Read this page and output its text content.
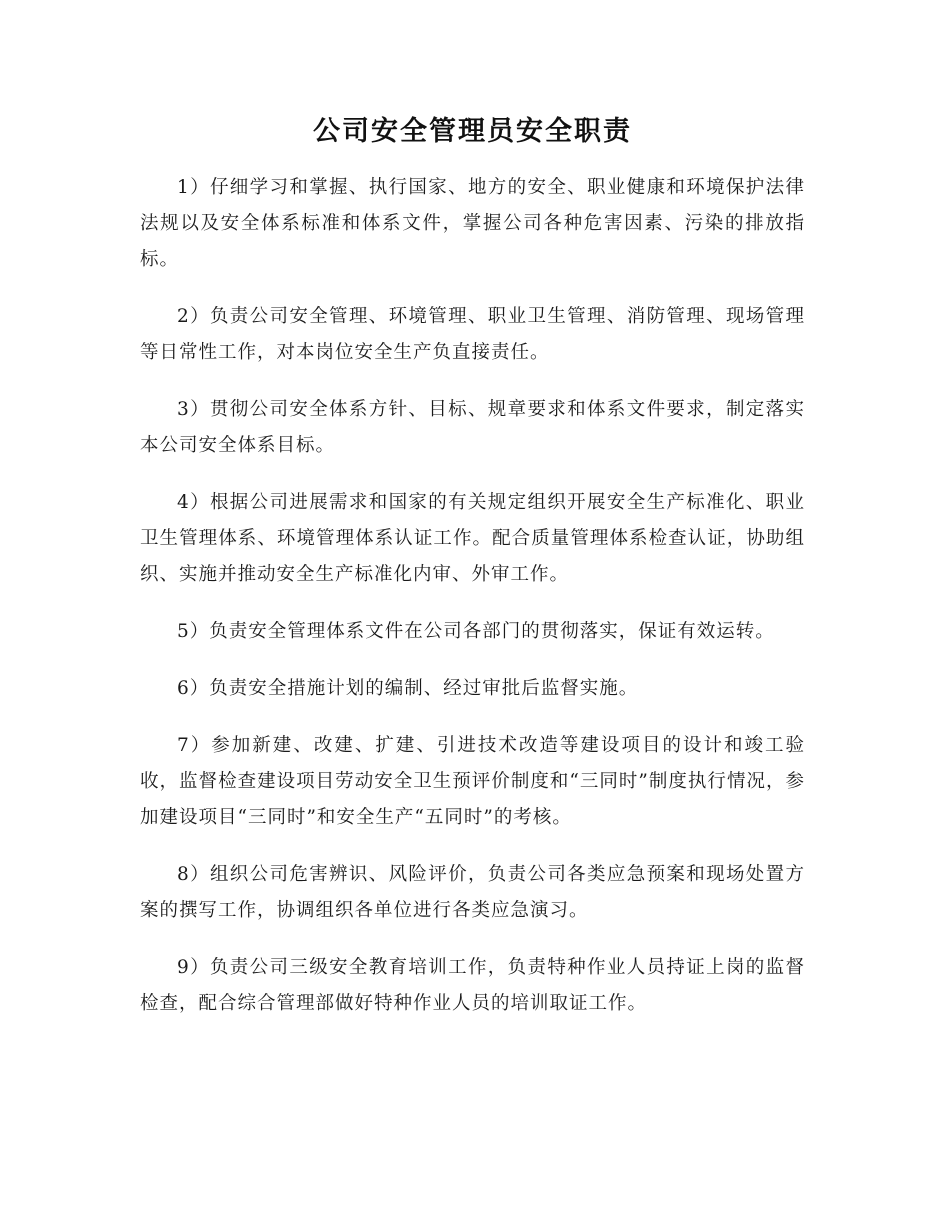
公司安全管理员安全职责

1）仔细学习和掌握、执行国家、地方的安全、职业健康和环境保护法律法规以及安全体系标准和体系文件，掌握公司各种危害因素、污染的排放指标。

2）负责公司安全管理、环境管理、职业卫生管理、消防管理、现场管理等日常性工作，对本岗位安全生产负直接责任。

3）贯彻公司安全体系方针、目标、规章要求和体系文件要求，制定落实本公司安全体系目标。

4）根据公司进展需求和国家的有关规定组织开展安全生产标准化、职业卫生管理体系、环境管理体系认证工作。配合质量管理体系检查认证，协助组织、实施并推动安全生产标准化内审、外审工作。

5）负责安全管理体系文件在公司各部门的贯彻落实，保证有效运转。

6）负责安全措施计划的编制、经过审批后监督实施。

7）参加新建、改建、扩建、引进技术改造等建设项目的设计和竣工验收，监督检查建设项目劳动安全卫生预评价制度和“三同时”制度执行情况，参加建设项目“三同时”和安全生产“五同时”的考核。

8）组织公司危害辨识、风险评价，负责公司各类应急预案和现场处置方案的撰写工作，协调组织各单位进行各类应急演习。

9）负责公司三级安全教育培训工作，负责特种作业人员持证上岗的监督检查，配合综合管理部做好特种作业人员的培训取证工作。
